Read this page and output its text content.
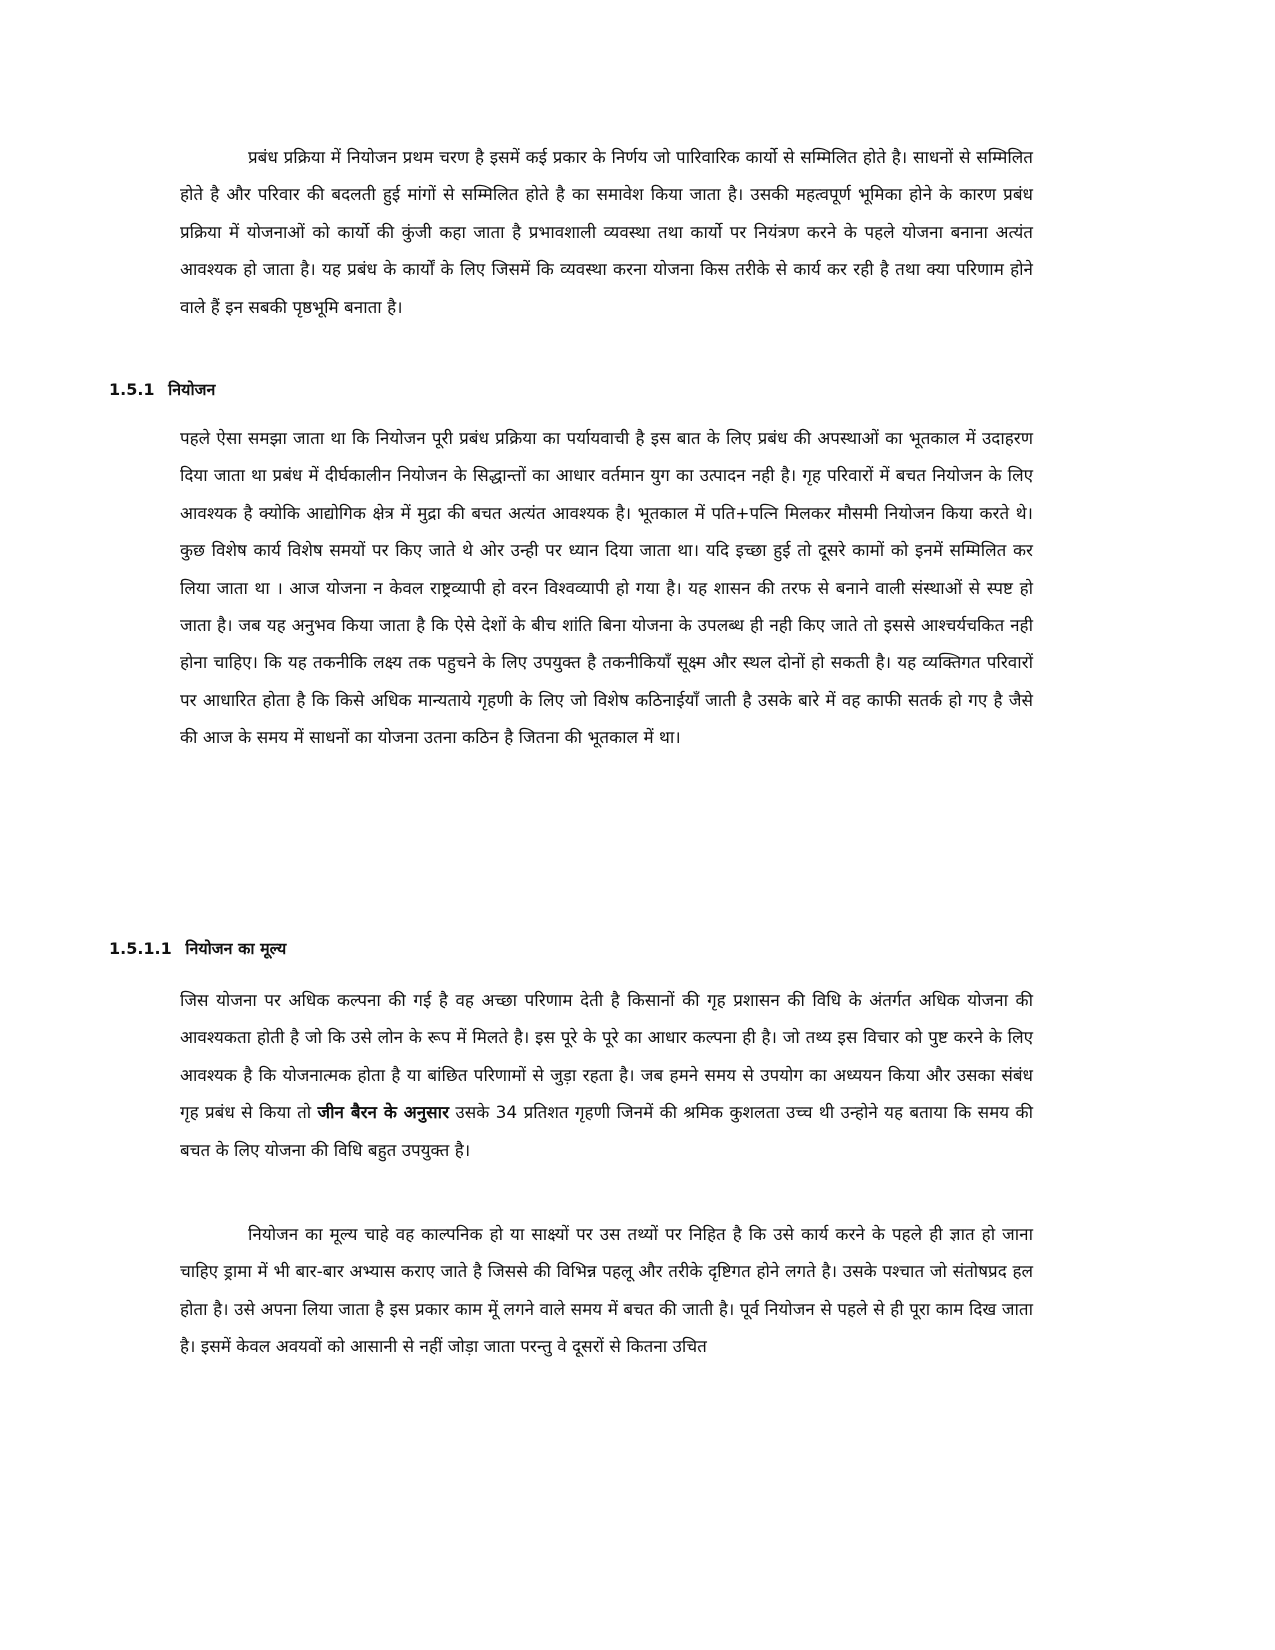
प्रबंध प्रक्रिया में नियोजन प्रथम चरण है इसमें कई प्रकार के निर्णय जो पारिवारिक कार्यो से सम्मिलित होते है। साधनों से सम्मिलित होते है और परिवार की बदलती हुई मांगों से सम्मिलित होते है का समावेश किया जाता है। उसकी महत्वपूर्ण भूमिका होने के कारण प्रबंध प्रक्रिया में योजनाओं को कार्यो की कुंजी कहा जाता है प्रभावशाली व्यवस्था तथा कार्यो पर नियंत्रण करने के पहले योजना बनाना अत्यंत आवश्यक हो जाता है। यह प्रबंध के कार्यों के लिए जिसमें कि व्यवस्था करना योजना किस तरीके से कार्य कर रही है तथा क्या परिणाम होने वाले हैं इन सबकी पृष्ठभूमि बनाता है।

1.5.1 नियोजन

पहले ऐसा समझा जाता था कि नियोजन पूरी प्रबंध प्रक्रिया का पर्यायवाची है इस बात के लिए प्रबंध की अपस्थाओं का भूतकाल में उदाहरण दिया जाता था प्रबंध में दीर्घकालीन नियोजन के सिद्धान्तों का आधार वर्तमान युग का उत्पादन नही है। गृह परिवारों में बचत नियोजन के लिए आवश्यक है क्योकि आद्योगिक क्षेत्र में मुद्रा की बचत अत्यंत आवश्यक है। भूतकाल में पति+पत्नि मिलकर मौसमी नियोजन किया करते थे। कुछ विशेष कार्य विशेष समयों पर किए जाते थे ओर उन्ही पर ध्यान दिया जाता था। यदि इच्छा हुई तो दूसरे कामों को इनमें सम्मिलित कर लिया जाता था । आज योजना न केवल राष्ट्रव्यापी हो वरन विश्वव्यापी हो गया है। यह शासन की तरफ से बनाने वाली संस्थाओं से स्पष्ट हो जाता है। जब यह अनुभव किया जाता है कि ऐसे देशों के बीच शांति बिना योजना के उपलब्ध ही नही किए जाते तो इससे आश्चर्यचकित नही होना चाहिए। कि यह तकनीकि लक्ष्य तक पहुचने के लिए उपयुक्त है तकनीकियाँ सूक्ष्म और स्थल दोनों हो सकती है। यह व्यक्तिगत परिवारों पर आधारित होता है कि किसे अधिक मान्यताये गृहणी के लिए जो विशेष कठिनाईयाँ जाती है उसके बारे में वह काफी सतर्क हो गए है जैसे की आज के समय में साधनों का योजना उतना कठिन है जितना की भूतकाल में था।

1.5.1.1 नियोजन का मूल्य

जिस योजना पर अधिक कल्पना की गई है वह अच्छा परिणाम देती है किसानों की गृह प्रशासन की विधि के अंतर्गत अधिक योजना की आवश्यकता होती है जो कि उसे लोन के रूप में मिलते है। इस पूरे के पूरे का आधार कल्पना ही है। जो तथ्य इस विचार को पुष्ट करने के लिए आवश्यक है कि योजनात्मक होता है या बांछित परिणामों से जुड़ा रहता है। जब हमने समय से उपयोग का अध्ययन किया और उसका संबंध गृह प्रबंध से किया तो जीन बैरन के अनुसार उसके 34 प्रतिशत गृहणी जिनमें की श्रमिक कुशलता उच्च थी उन्होने यह बताया कि समय की बचत के लिए योजना की विधि बहुत उपयुक्त है।

नियोजन का मूल्य चाहे वह काल्पनिक हो या साक्ष्यों पर उस तथ्यों पर निहित है कि उसे कार्य करने के पहले ही ज्ञात हो जाना चाहिए ड्रामा में भी बार-बार अभ्यास कराए जाते है जिससे की विभिन्न पहलू और तरीके दृष्टिगत होने लगते है। उसके पश्चात जो संतोषप्रद हल होता है। उसे अपना लिया जाता है इस प्रकार काम मूें लगने वाले समय में बचत की जाती है। पूर्व नियोजन से पहले से ही पूरा काम दिख जाता है। इसमें केवल अवयवों को आसानी से नहीं जोड़ा जाता परन्तु वे दूसरों से कितना उचित
